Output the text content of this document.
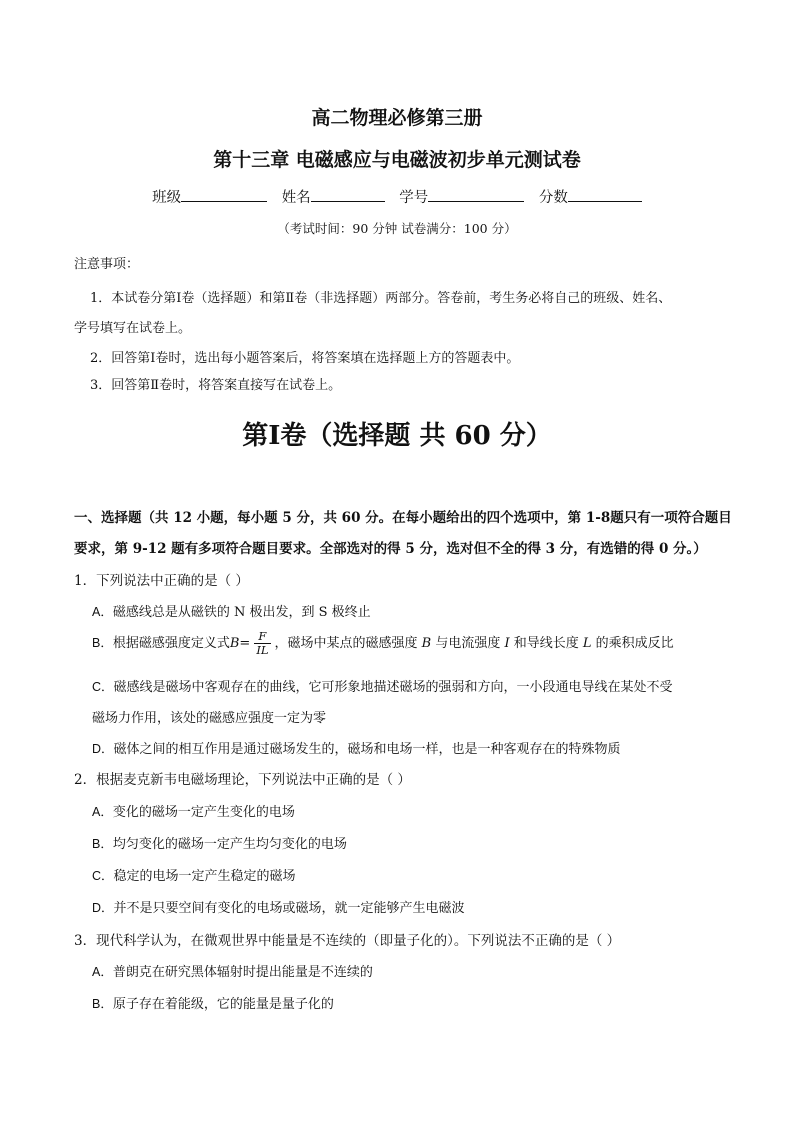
高二物理必修第三册
第十三章 电磁感应与电磁波初步单元测试卷
班级	姓名	学号	分数
（考试时间：90 分钟 试卷满分：100 分）
注意事项：
1．本试卷分第Ⅰ卷（选择题）和第Ⅱ卷（非选择题）两部分。答卷前，考生务必将自己的班级、姓名、
学号填写在试卷上。
2．回答第Ⅰ卷时，选出每小题答案后，将答案填在选择题上方的答题表中。
3．回答第Ⅱ卷时，将答案直接写在试卷上。
第Ⅰ卷（选择题 共 60 分）
一、选择题（共 12 小题，每小题 5 分，共 60 分。在每小题给出的四个选项中，第 1-8题只有一项符合题目
要求，第 9-12 题有多项符合题目要求。全部选对的得 5 分，选对但不全的得 3 分，有选错的得 0 分。）
1．下列说法中正确的是（ ）
A．磁感线总是从磁铁的 N 极出发，到 S 极终止
B．根据磁感强度定义式$B= \frac{F}{IL}$ ，磁场中某点的磁感强度 B 与电流强度 I 和导线长度 L 的乘积成反比
C．磁感线是磁场中客观存在的曲线，它可形象地描述磁场的强弱和方向，一小段通电导线在某处不受
磁场力作用，该处的磁感应强度一定为零
D．磁体之间的相互作用是通过磁场发生的，磁场和电场一样，也是一种客观存在的特殊物质
2．根据麦克新韦电磁场理论，下列说法中正确的是（ ）
A．变化的磁场一定产生变化的电场
B．均匀变化的磁场一定产生均匀变化的电场
C．稳定的电场一定产生稳定的磁场
D．并不是只要空间有变化的电场或磁场，就一定能够产生电磁波
3．现代科学认为，在微观世界中能量是不连续的（即量子化的）。下列说法不正确的是（ ）
A．普朗克在研究黑体辐射时提出能量是不连续的
B．原子存在着能级，它的能量是量子化的
